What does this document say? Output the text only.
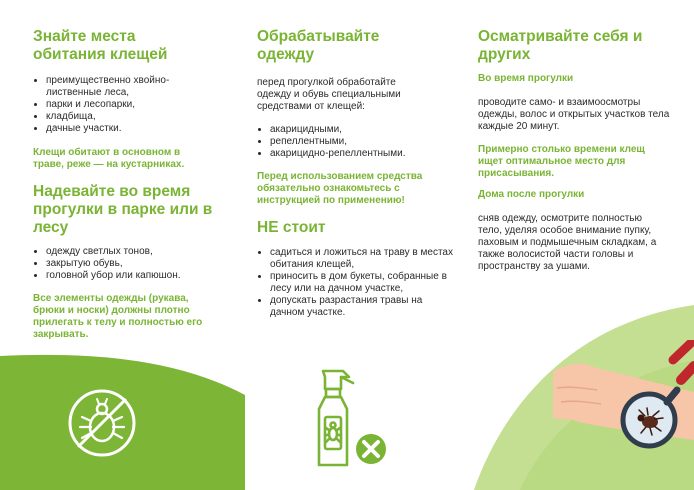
Знайте места обитания клещей
• преимущественно хвойно-лиственные леса,
• парки и лесопарки,
• кладбища,
• дачные участки.
Клещи обитают в основном в траве, реже — на кустарниках.
Надевайте во время прогулки в парке или в лесу
• одежду светлых тонов,
• закрытую обувь,
• головной убор или капюшон.
Все элементы одежды (рукава, брюки и носки) должны плотно прилегать к телу и полностью его закрывать.
Обрабатывайте одежду

перед прогулкой обработайте одежду и обувь специальными средствами от клещей:

• акарицидными,
• репеллентными,
• акарицидно-репеллентными.
Перед использованием средства обязательно ознакомьтесь с инструкцией по применению!
НЕ стоит
• садиться и ложиться на траву в местах обитания клещей,
• приносить в дом букеты, собранные в лесу или на дачном участке,
• допускать разрастания травы на дачном участке.
Осматривайте себя и других
Во время прогулки

проводите само- и взаимоосмотры одежды, волос и открытых участков тела каждые 20 минут.

Примерно столько времени клещ ищет оптимальное место для присасывания.
Дома после прогулки

сняв одежду, осмотрите полностью тело, уделяя особое внимание пупку, паховым и подмышечным складкам, а также волосистой части головы и пространству за ушами.
